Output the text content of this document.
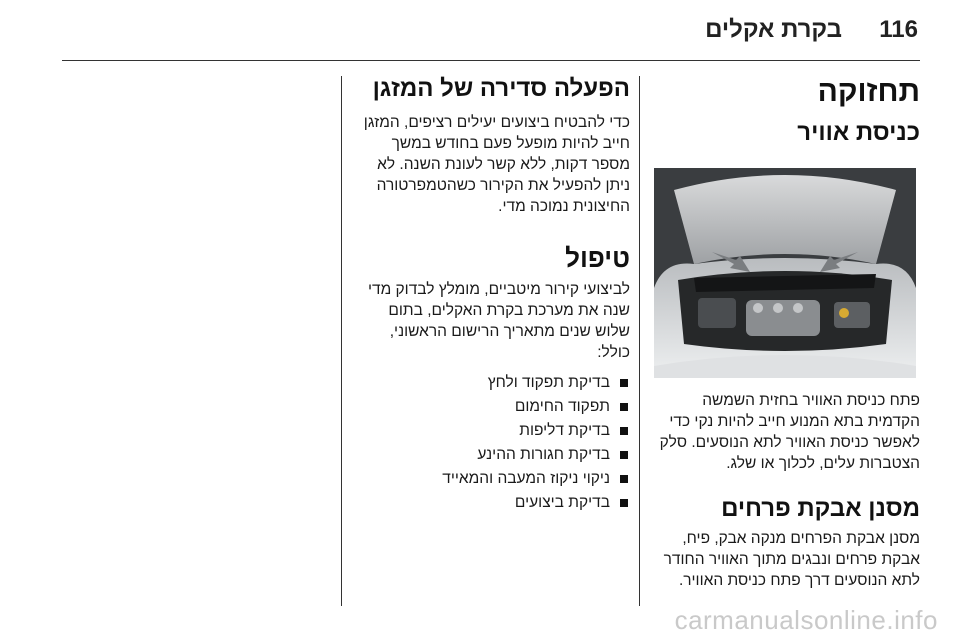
116
בקרת אקלים
תחזוקה
כניסת אוויר

פתח כניסת האוויר בחזית השמשה הקדמית בתא המנוע חייב להיות נקי כדי לאפשר כניסת האוויר לתא הנוסעים. סלק הצטברות עלים, לכלוך או שלג.

מסנן אבקת פרחים

מסנן אבקת הפרחים מנקה אבק, פיח, אבקת פרחים ונבגים מתוך האוויר החודר לתא הנוסעים דרך פתח כניסת האוויר.

הפעלה סדירה של המזגן

כדי להבטיח ביצועים יעילים רציפים, המזגן חייב להיות מופעל פעם בחודש במשך מספר דקות, ללא קשר לעונת השנה. לא ניתן להפעיל את הקירור כשהטמפרטורה החיצונית נמוכה מדי.

טיפול

לביצועי קירור מיטביים, מומלץ לבדוק מדי שנה את מערכת בקרת האקלים, בתום שלוש שנים מתאריך הרישום הראשוני, כולל:

בדיקת תפקוד ולחץ
תפקוד החימום
בדיקת דליפות
בדיקת חגורות ההינע
ניקוי ניקוז המעבה והמאייד
בדיקת ביצועים
carmanualsonline.info
